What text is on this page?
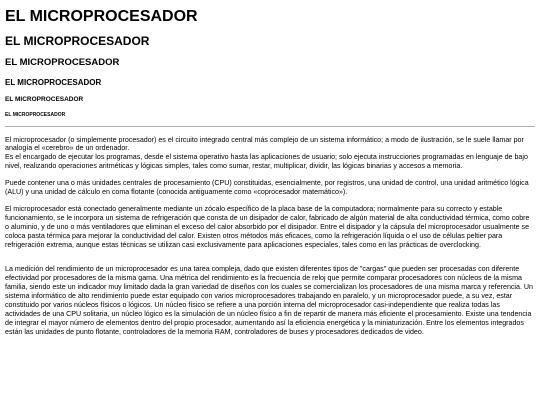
EL MICROPROCESADOR
EL MICROPROCESADOR
EL MICROPROCESADOR
EL MICROPROCESADOR
EL MICROPROCESADOR
EL MICROPROCESADOR

El microprocesador (o simplemente procesador) es el circuito integrado central más complejo de un sistema informático; a modo de ilustración, se le suele llamar por analogía el «cerebro» de un ordenador.
Es el encargado de ejecutar los programas, desde el sistema operativo hasta las aplicaciones de usuario; solo ejecuta instrucciones programadas en lenguaje de bajo nivel, realizando operaciones aritméticas y lógicas simples, tales como sumar, restar, multiplicar, dividir, las lógicas binarias y accesos a memoria.

Puede contener una o más unidades centrales de procesamiento (CPU) constituidas, esencialmente, por registros, una unidad de control, una unidad aritmético lógica (ALU) y una unidad de cálculo en coma flotante (conocida antiguamente como «coprocesador matemático»).

El microprocesador está conectado generalmente mediante un zócalo específico de la placa base de la computadora; normalmente para su correcto y estable funcionamiento, se le incorpora un sistema de refrigeración que consta de un disipador de calor, fabricado de algún material de alta conductividad térmica, como cobre o aluminio, y de uno o más ventiladores que eliminan el exceso del calor absorbido por el disipador. Entre el disipador y la cápsula del microprocesador usualmente se coloca pasta térmica para mejorar la conductividad del calor. Existen otros métodos más eficaces, como la refrigeración líquida o el uso de células peltier para refrigeración extrema, aunque estas técnicas se utilizan casi exclusivamente para aplicaciones especiales, tales como en las prácticas de overclocking.

La medición del rendimiento de un microprocesador es una tarea compleja, dado que existen diferentes tipos de "cargas" que pueden ser procesadas con diferente efectividad por procesadores de la misma gama. Una métrica del rendimiento es la frecuencia de reloj que permite comparar procesadores con núcleos de la misma familia, siendo este un indicador muy limitado dada la gran variedad de diseños con los cuales se comercializan los procesadores de una misma marca y referencia. Un sistema informático de alto rendimiento puede estar equipado con varios microprocesadores trabajando en paralelo, y un microprocesador puede, a su vez, estar constituido por varios núcleos físicos o lógicos. Un núcleo físico se refiere a una porción interna del microprocesador casi-independiente que realiza todas las actividades de una CPU solitaria, un núcleo lógico es la simulación de un núcleo físico a fin de repartir de manera más eficiente el procesamiento. Existe una tendencia de integrar el mayor número de elementos dentro del propio procesador, aumentando así la eficiencia energética y la miniaturización. Entre los elementos integrados están las unidades de punto flotante, controladores de la memoria RAM, controladores de buses y procesadores dedicados de video.
